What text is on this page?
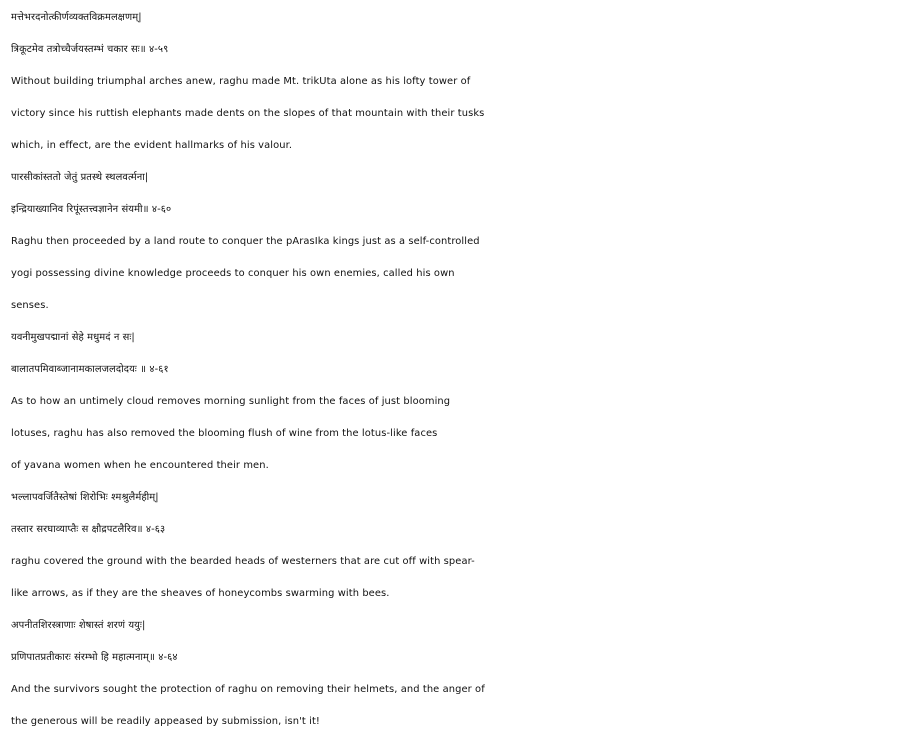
मत्तेभरदनोत्कीर्णव्यक्तविक्रमलक्षणम्|
त्रिकूटमेव तत्रोच्चैर्जयस्तम्भं चकार सः॥ ४-५९
Without building triumphal arches anew, raghu made Mt. trikUta alone as his lofty tower of
victory since his ruttish elephants made dents on the slopes of that mountain with their tusks
which, in effect, are the evident hallmarks of his valour.
पारसीकांस्ततो जेतुं प्रतस्थे स्थलवर्त्मना|
इन्द्रियाख्यानिव रिपूंस्तत्त्वज्ञानेन संयमी॥ ४-६०
Raghu then proceeded by a land route to conquer the pArasIka kings just as a self-controlled
yogi possessing divine knowledge proceeds to conquer his own enemies, called his own
senses.
यवनीमुखपद्मानां सेहे मधुमदं न सः|
बालातपमिवाब्जानामकालजलदोदयः ॥ ४-६१
As to how an untimely cloud removes morning sunlight from the faces of just blooming
lotuses, raghu has also removed the blooming flush of wine from the lotus-like faces
of yavana women when he encountered their men.
भल्लापवर्जितैस्तेषां शिरोभिः श्मश्रुलैर्महीम्|
तस्तार सरघाव्याप्तैः स क्षौद्रपटलैरिव॥ ४-६३
raghu covered the ground with the bearded heads of westerners that are cut off with spear-
like arrows, as if they are the sheaves of honeycombs swarming with bees.
अपनीतशिरस्त्राणाः शेषास्तं शरणं ययुः|
प्रणिपातप्रतीकारः संरम्भो हि महात्मनाम्॥ ४-६४
And the survivors sought the protection of raghu on removing their helmets, and the anger of
the generous will be readily appeased by submission, isn't it!
